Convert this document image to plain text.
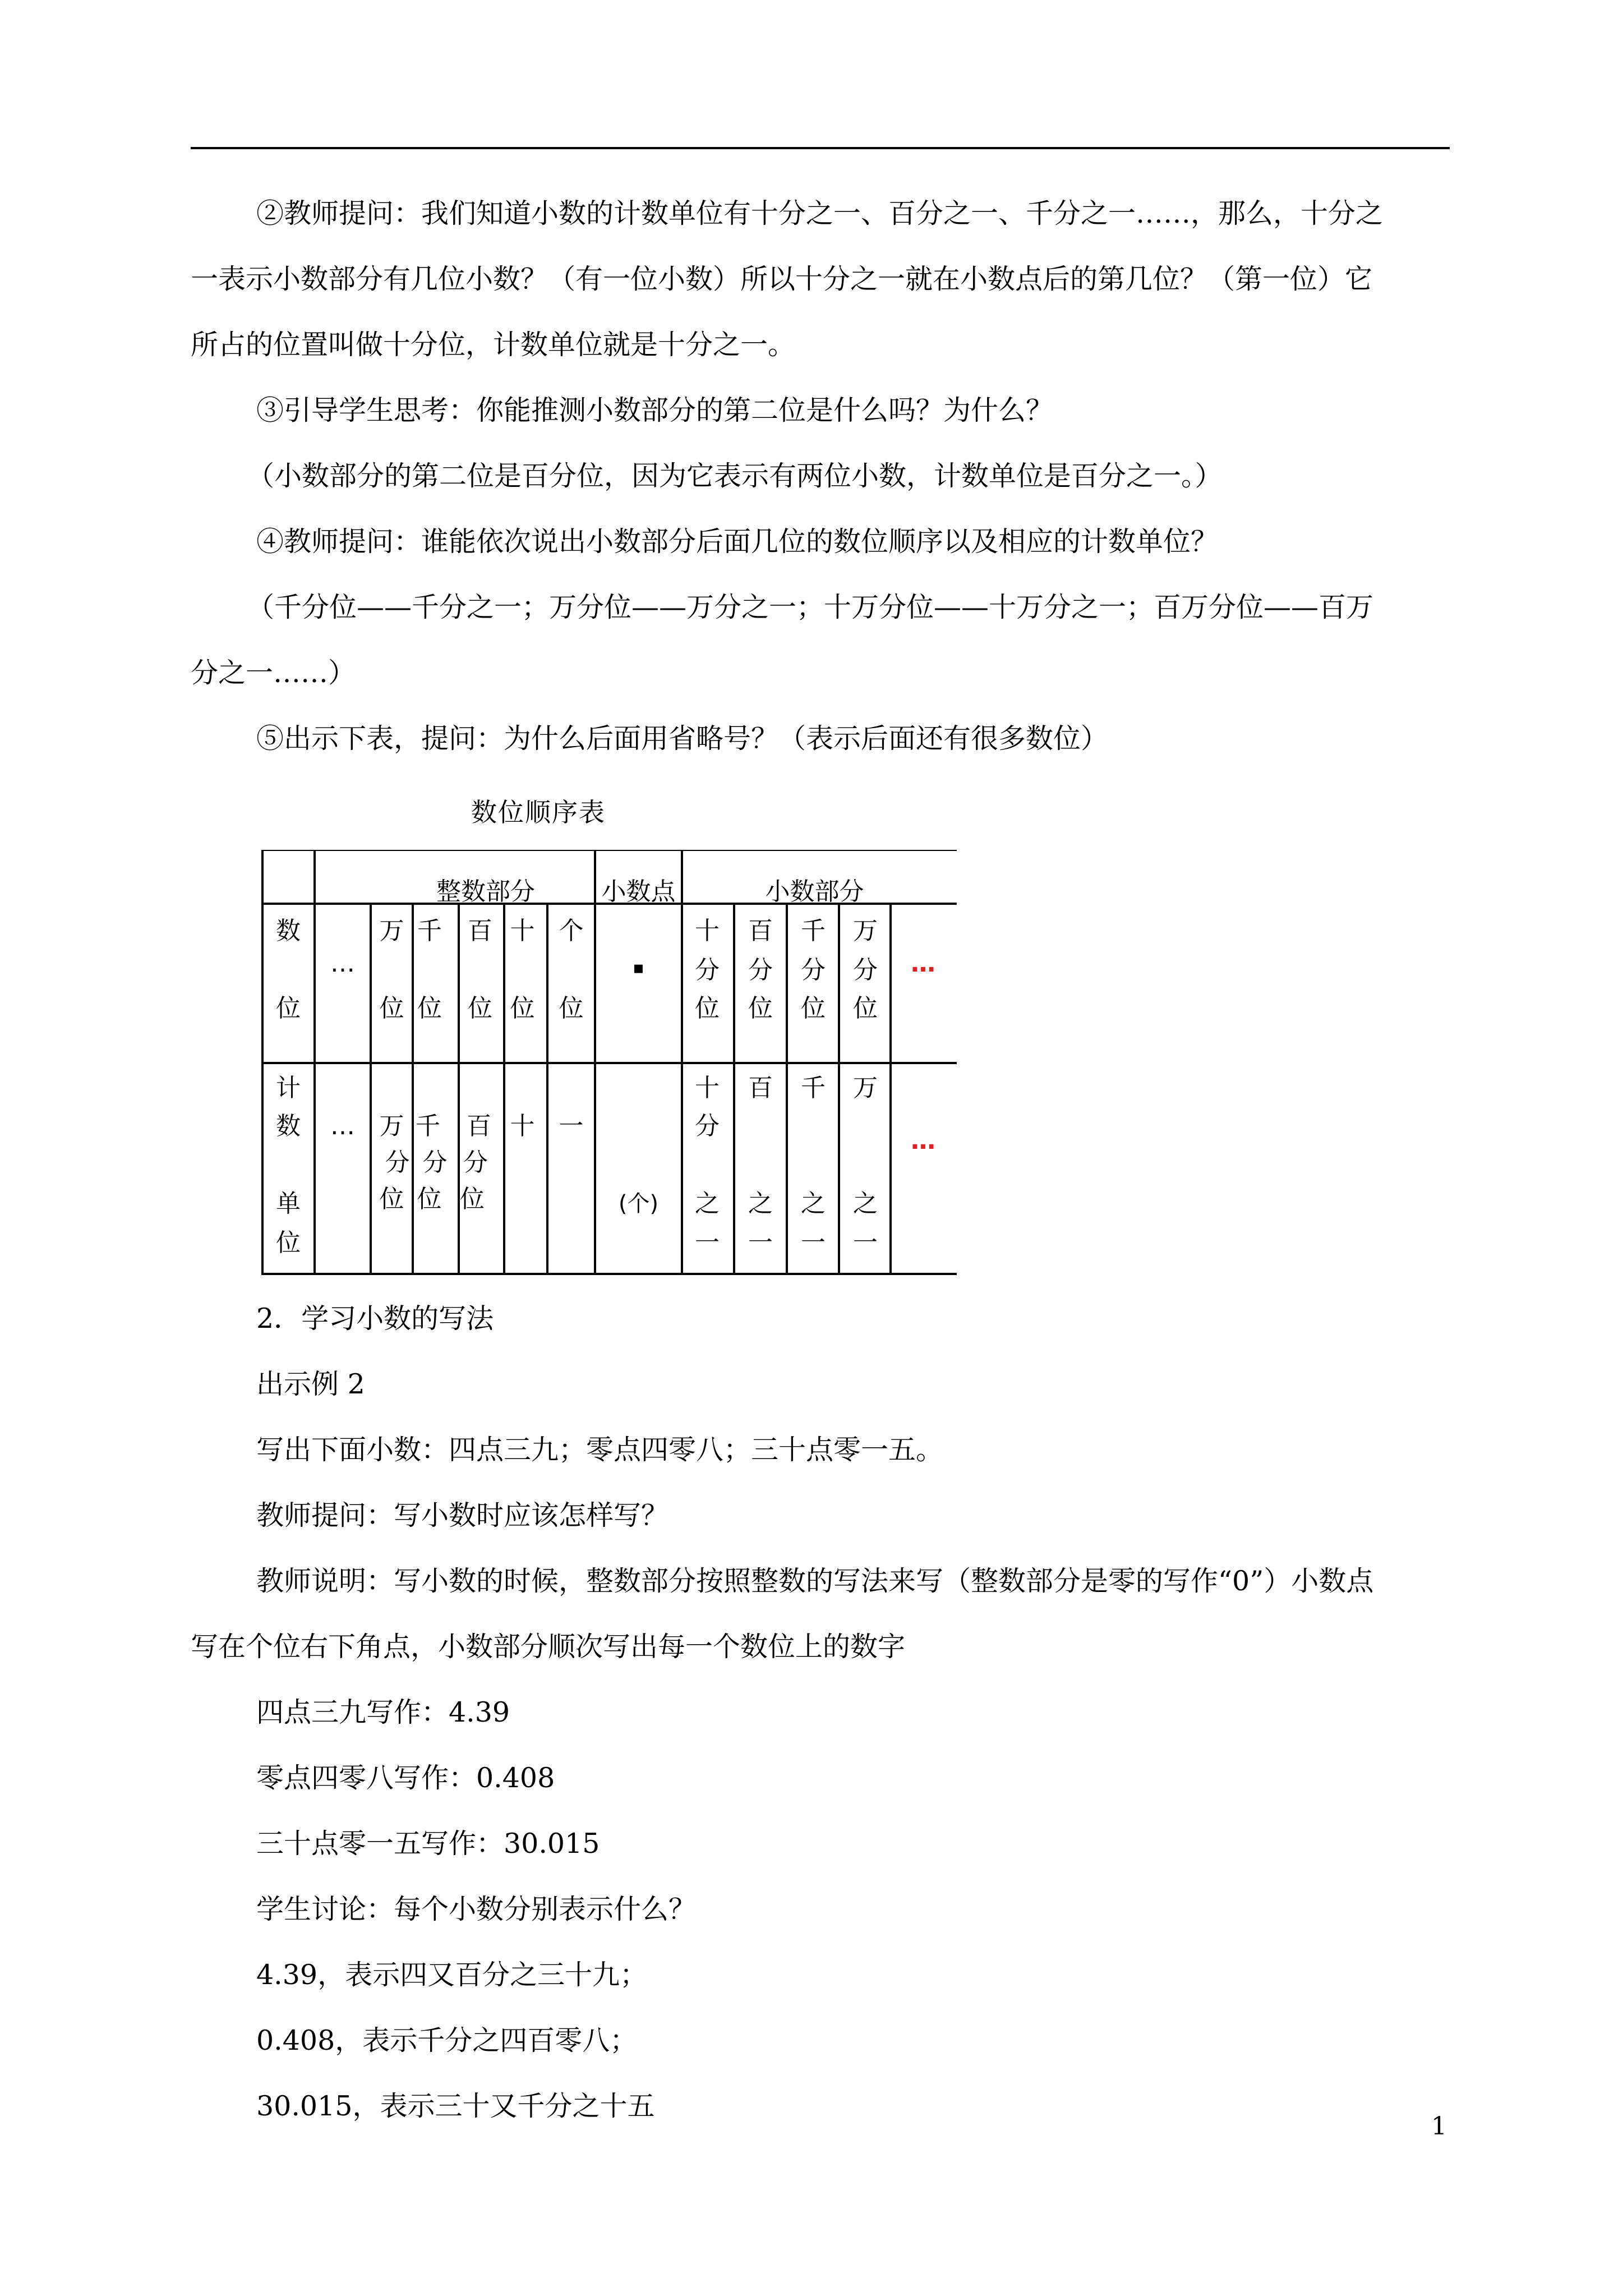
②教师提问：我们知道小数的计数单位有十分之一、百分之一、千分之一……，那么，十分之
一表示小数部分有几位小数？（有一位小数）所以十分之一就在小数点后的第几位？（第一位）它
所占的位置叫做十分位，计数单位就是十分之一。
③引导学生思考：你能推测小数部分的第二位是什么吗？为什么？
（小数部分的第二位是百分位，因为它表示有两位小数，计数单位是百分之一。）
④教师提问：谁能依次说出小数部分后面几位的数位顺序以及相应的计数单位？
（千分位——千分之一；万分位——万分之一；十万分位——十万分之一；百万分位——百万
分之一……）
⑤出示下表，提问：为什么后面用省略号？（表示后面还有很多数位）
数位顺序表
整数部分	小数点	小数部分
数
位
…
万
位
千
位
百
位
十
位
个
位
▪
十
分
位
百
分
位
千
分
位
万
分
位
…
计
数
单
位
… 万
分
位
千
分
位
百
分
位
十 一
(个)
十
分
之
一
百
之
一
千
之
一
万
之
一
…
2．学习小数的写法
出示例 2
写出下面小数：四点三九；零点四零八；三十点零一五。
教师提问：写小数时应该怎样写？
教师说明：写小数的时候，整数部分按照整数的写法来写（整数部分是零的写作“0”）小数点
写在个位右下角点，小数部分顺次写出每一个数位上的数字
四点三九写作：4.39
零点四零八写作：0.408
三十点零一五写作：30.015
学生讨论：每个小数分别表示什么？
4.39，表示四又百分之三十九；
0.408，表示千分之四百零八；
30.015，表示三十又千分之十五
1
